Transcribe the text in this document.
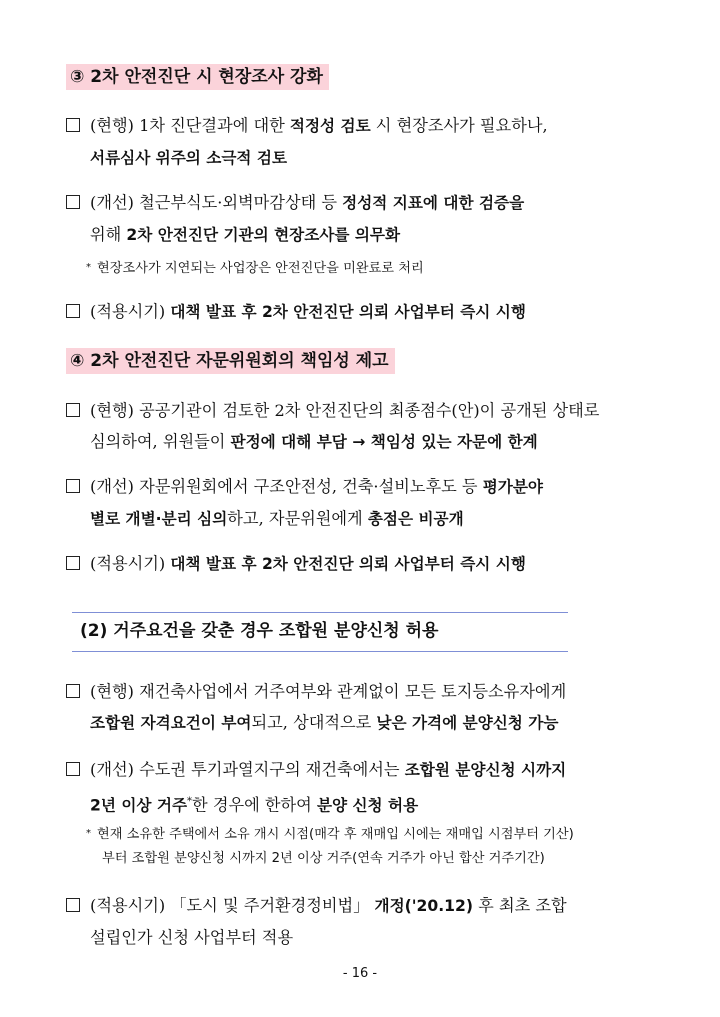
③ 2차 안전진단 시 현장조사 강화
(현행) 1차 진단결과에 대한 적정성 검토 시 현장조사가 필요하나,
서류심사 위주의 소극적 검토
(개선) 철근부식도·외벽마감상태 등 정성적 지표에 대한 검증을
위해 2차 안전진단 기관의 현장조사를 의무화
* 현장조사가 지연되는 사업장은 안전진단을 미완료로 처리
(적용시기) 대책 발표 후 2차 안전진단 의뢰 사업부터 즉시 시행
④ 2차 안전진단 자문위원회의 책임성 제고
(현행) 공공기관이 검토한 2차 안전진단의 최종점수(안)이 공개된 상태로
심의하여, 위원들이 판정에 대해 부담 → 책임성 있는 자문에 한계
(개선) 자문위원회에서 구조안전성, 건축·설비노후도 등 평가분야
별로 개별·분리 심의하고, 자문위원에게 총점은 비공개
(적용시기) 대책 발표 후 2차 안전진단 의뢰 사업부터 즉시 시행
(2) 거주요건을 갖춘 경우 조합원 분양신청 허용
(현행) 재건축사업에서 거주여부와 관계없이 모든 토지등소유자에게
조합원 자격요건이 부여되고, 상대적으로 낮은 가격에 분양신청 가능
(개선) 수도권 투기과열지구의 재건축에서는 조합원 분양신청 시까지
2년 이상 거주*한 경우에 한하여 분양 신청 허용
* 현재 소유한 주택에서 소유 개시 시점(매각 후 재매입 시에는 재매입 시점부터 기산)
부터 조합원 분양신청 시까지 2년 이상 거주(연속 거주가 아닌 합산 거주기간)
(적용시기) 「도시 및 주거환경정비법」 개정('20.12) 후 최초 조합
설립인가 신청 사업부터 적용
- 16 -
